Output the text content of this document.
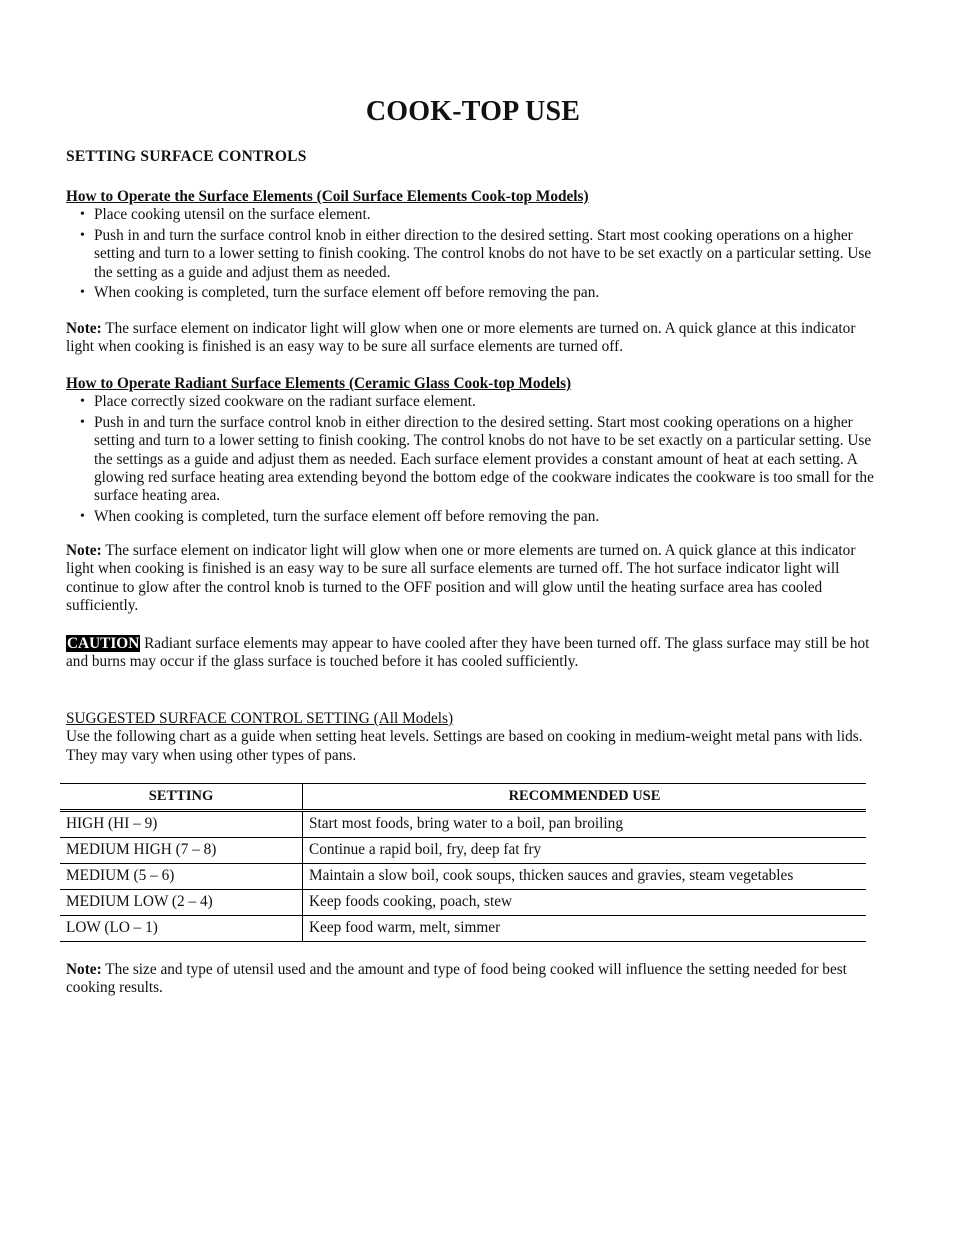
COOK-TOP USE
SETTING SURFACE CONTROLS

How to Operate the Surface Elements (Coil Surface Elements Cook-top Models)

• Place cooking utensil on the surface element.
• Push in and turn the surface control knob in either direction to the desired setting. Start most cooking operations on a higher setting and turn to a lower setting to finish cooking. The control knobs do not have to be set exactly on a particular setting. Use the setting as a guide and adjust them as needed.
• When cooking is completed, turn the surface element off before removing the pan.

Note: The surface element on indicator light will glow when one or more elements are turned on. A quick glance at this indicator light when cooking is finished is an easy way to be sure all surface elements are turned off.

How to Operate Radiant Surface Elements (Ceramic Glass Cook-top Models)

• Place correctly sized cookware on the radiant surface element.
• Push in and turn the surface control knob in either direction to the desired setting. Start most cooking operations on a higher setting and turn to a lower setting to finish cooking. The control knobs do not have to be set exactly on a particular setting. Use the settings as a guide and adjust them as needed. Each surface element provides a constant amount of heat at each setting. A glowing red surface heating area extending beyond the bottom edge of the cookware indicates the cookware is too small for the surface heating area.
• When cooking is completed, turn the surface element off before removing the pan.

Note: The surface element on indicator light will glow when one or more elements are turned on. A quick glance at this indicator light when cooking is finished is an easy way to be sure all surface elements are turned off. The hot surface indicator light will continue to glow after the control knob is turned to the OFF position and will glow until the heating surface area has cooled sufficiently.

CAUTION Radiant surface elements may appear to have cooled after they have been turned off. The glass surface may still be hot and burns may occur if the glass surface is touched before it has cooled sufficiently.

SUGGESTED SURFACE CONTROL SETTING (All Models)

Use the following chart as a guide when setting heat levels. Settings are based on cooking in medium-weight metal pans with lids. They may vary when using other types of pans.

SETTING	RECOMMENDED USE
HIGH (HI – 9)	Start most foods, bring water to a boil, pan broiling
MEDIUM HIGH (7 – 8)	Continue a rapid boil, fry, deep fat fry
MEDIUM (5 – 6)	Maintain a slow boil, cook soups, thicken sauces and gravies, steam vegetables
MEDIUM LOW (2 – 4)	Keep foods cooking, poach, stew
LOW (LO – 1)	Keep food warm, melt, simmer

Note: The size and type of utensil used and the amount and type of food being cooked will influence the setting needed for best cooking results.
